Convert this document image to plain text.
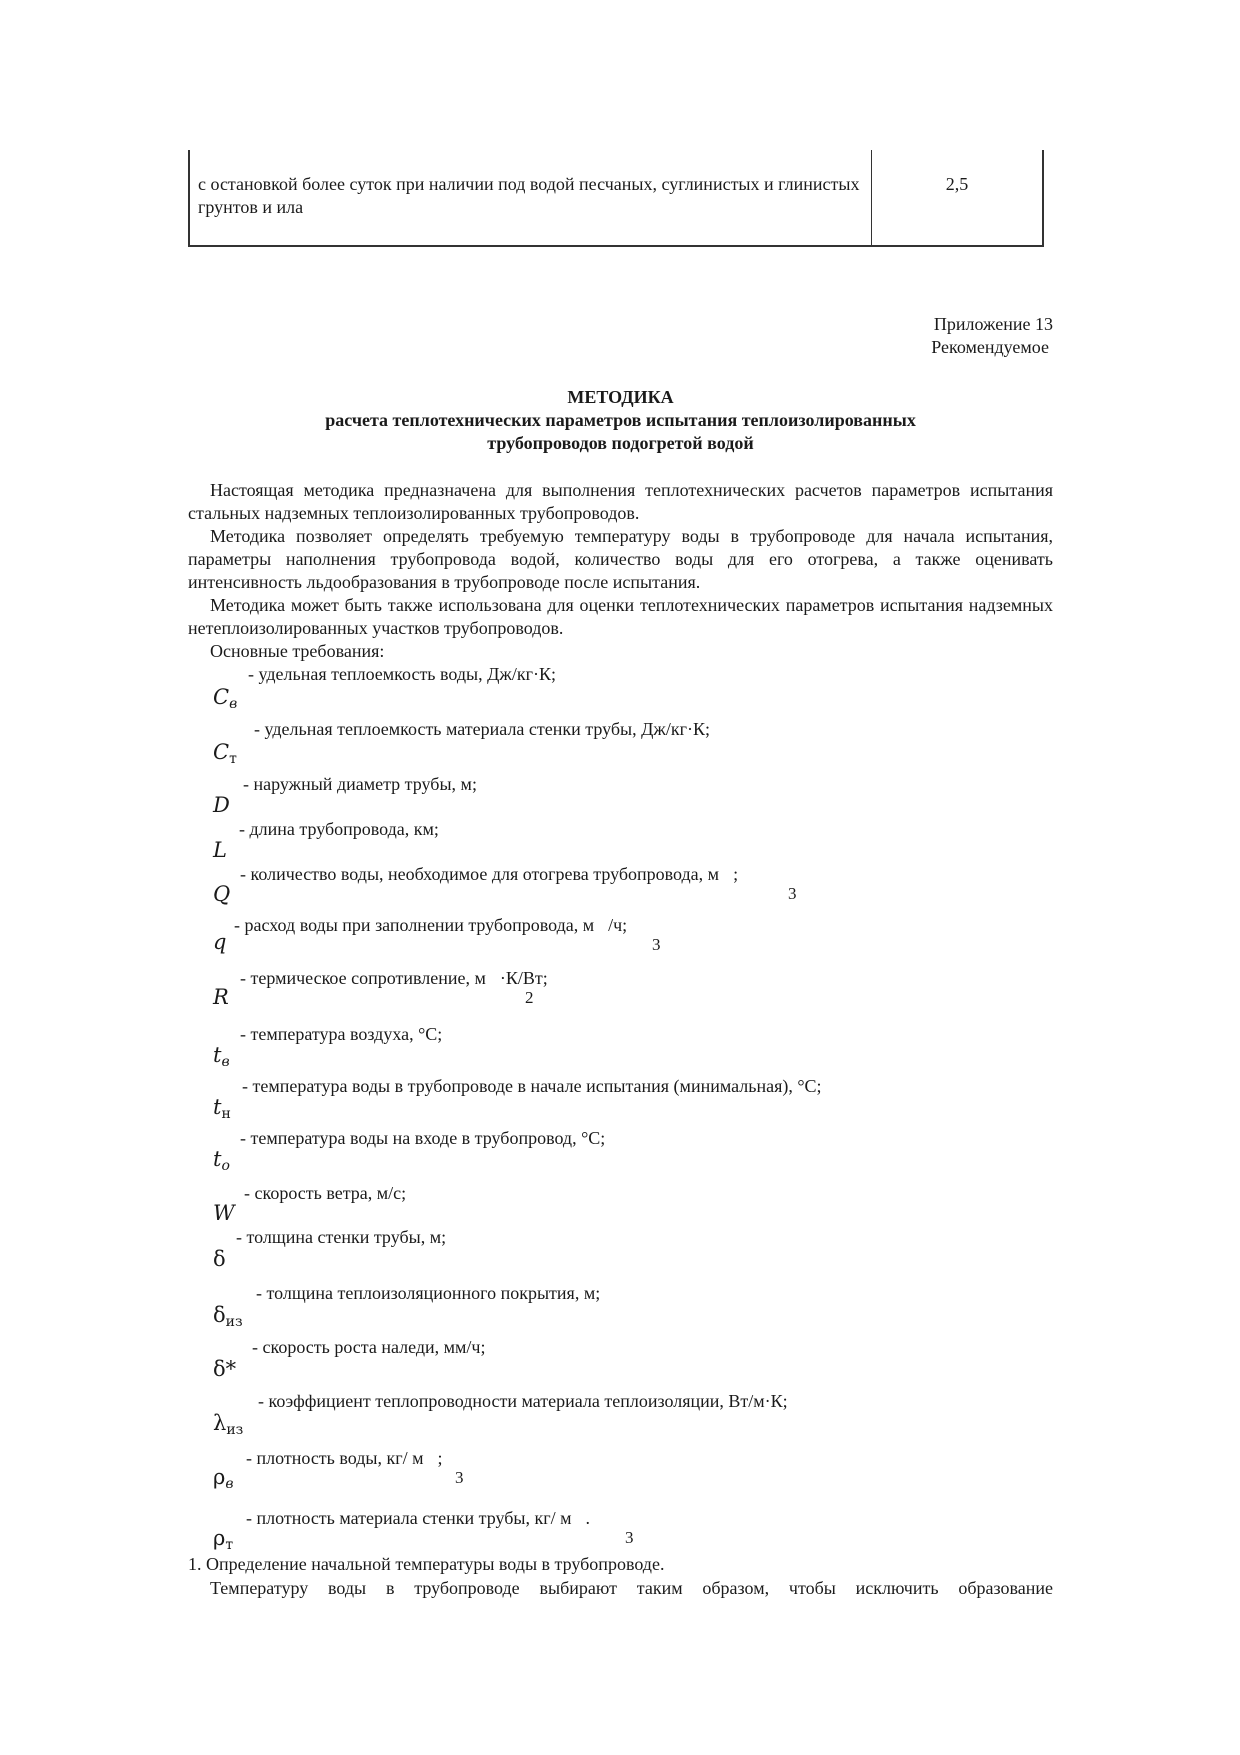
с остановкой более суток при наличии под водой песчаных, суглинистых и глинистых грунтов и ила
2,5
Приложение 13
Рекомендуемое
МЕТОДИКА
расчета теплотехнических параметров испытания теплоизолированных
трубопроводов подогретой водой
Настоящая методика предназначена для выполнения теплотехнических расчетов параметров испытания стальных надземных теплоизолированных трубопроводов.
Методика позволяет определять требуемую температуру воды в трубопроводе для начала испытания, параметры наполнения трубопровода водой, количество воды для его отогрева, а также оценивать интенсивность льдообразования в трубопроводе после испытания.
Методика может быть также использована для оценки теплотехнических параметров испытания надземных нетеплоизолированных участков трубопроводов.
Основные требования:
- удельная теплоемкость воды, Дж/кг·К;
$C_в$
- удельная теплоемкость материала стенки трубы, Дж/кг·К;
$C_т$
- наружный диаметр трубы, м;
D
- длина трубопровода, км;
L
- количество воды, необходимое для отогрева трубопровода, м ;
3
Q
- расход воды при заполнении трубопровода, м /ч;
3
q
- термическое сопротивление, м ·К/Вт;
2
R
- температура воздуха, °С;
$t_в$
- температура воды в трубопроводе в начале испытания (минимальная), °С;
$t_н$
- температура воды на входе в трубопровод, °С;
$t_о$
- скорость ветра, м/с;
W
- толщина стенки трубы, м;
δ
- толщина теплоизоляционного покрытия, м;
$\delta_{из}$
- скорость роста наледи, мм/ч;
δ*
- коэффициент теплопроводности материала теплоизоляции, Вт/м·К;
$\lambda_{из}$
- плотность воды, кг/ м ;
3
$\rho_в$
- плотность материала стенки трубы, кг/ м .
3
$\rho_т$
1. Определение начальной температуры воды в трубопроводе.
Температуру воды в трубопроводе выбирают таким образом, чтобы исключить образование
